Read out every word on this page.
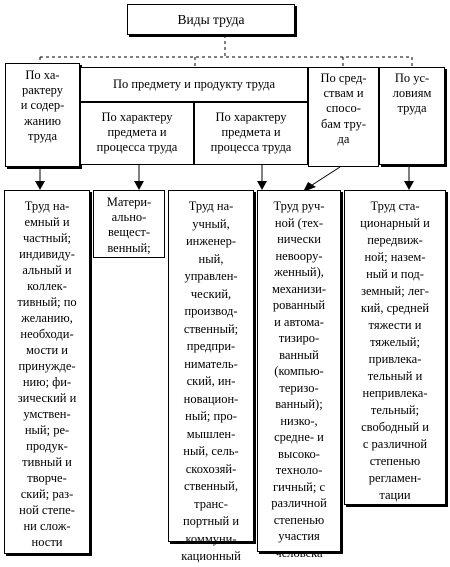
Виды труда
По ха-
рактеру
и содер-
жанию
труда
По предмету и продукту труда
По характеру
предмета и
процесса труда
По характеру
предмета и
процесса труда
По сред-
ствам и
спосо-
бам тру-
да
По ус-
ловиям
труда
Труд на-
емный и
частный;
индивиду-
альный и
коллек-
тивный; по
желанию,
необходи-
мости и
принужде-
нию; фи-
зический и
умствен-
ный; ре-
продук-
тивный и
творче-
ский; раз-
ной степе-
ни слож-
ности
Матери-
ально-
вещест-
венный;
Труд на-
учный,
инженер-
ный,
управлен-
ческий,
производ-
ственный;
предпри-
ниматель-
ский, ин-
новацион-
ный; про-
мышлен-
ный, сель-
скохозяй-
ственный,
транс-
портный и
коммуни-
кационный
Труд руч-
ной (тех-
нически
невоору-
женный),
механизи-
рованный
и автома-
тизиро-
ванный
(компью-
теризо-
ванный);
низко-,
средне- и
высоко-
техноло-
гичный; с
различной
степенью
участия
человека
Труд ста-
ционарный и
передвиж-
ной; назем-
ный и под-
земный; лег-
кий, средней
тяжести и
тяжелый;
привлека-
тельный и
непривлека-
тельный;
свободный и
с различной
степенью
регламен-
тации
